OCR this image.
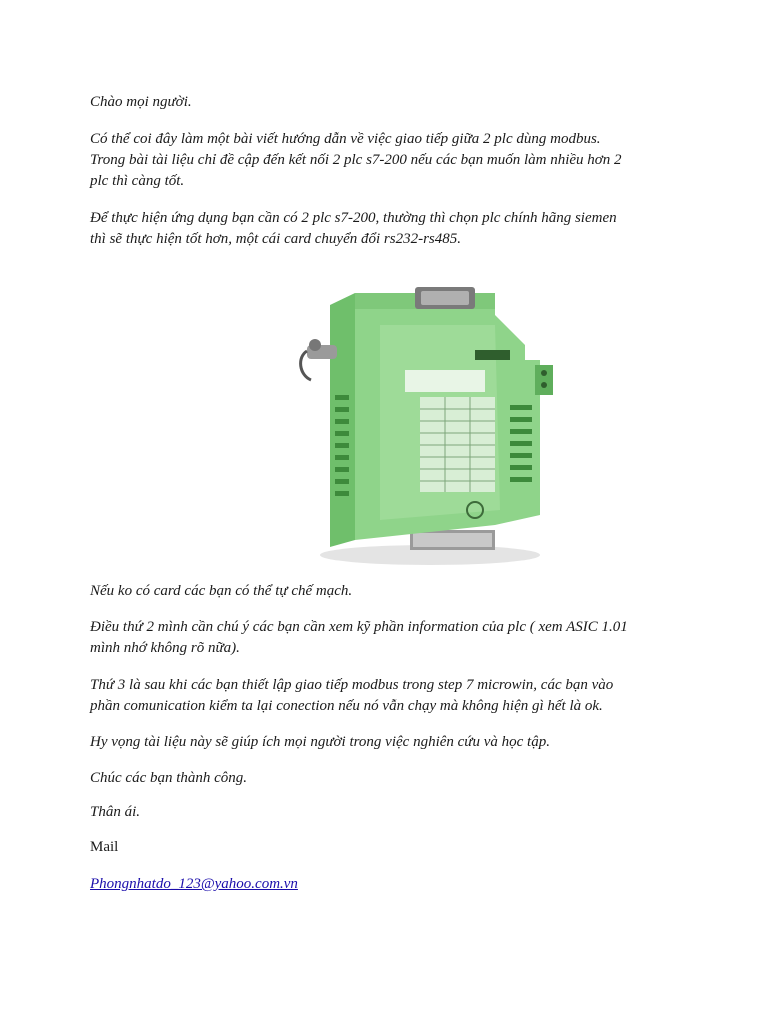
Chào mọi người.

Có thể coi đây làm một bài viết hướng dẫn về việc giao tiếp giữa 2 plc dùng modbus.

Trong bài tài liệu chỉ đề cập đến kết nối 2 plc s7-200 nếu các bạn muốn làm nhiều hơn 2

plc thì càng tốt.

Để thực hiện ứng dụng bạn cần có 2 plc s7-200, thường thì chọn plc chính hãng siemen

thì sẽ thực hiện tốt hơn, một cái card chuyển đổi rs232-rs485.

Nếu ko có card các bạn có thể tự chế mạch.

Điều thứ 2 mình cần chú ý các bạn cần xem kỹ phần information của plc ( xem ASIC 1.01

mình nhớ không rõ nữa).

Thứ 3 là sau khi các bạn thiết lập giao tiếp modbus trong step 7 microwin, các bạn vào

phần comunication kiểm ta lại conection nếu nó vẫn chạy mà không hiện gì hết là ok.

Hy vọng tài liệu này sẽ giúp ích mọi người trong việc nghiên cứu và học tập.

Chúc các bạn thành công.

Thân ái.

Mail

Phongnhatdo_123@yahoo.com.vn
